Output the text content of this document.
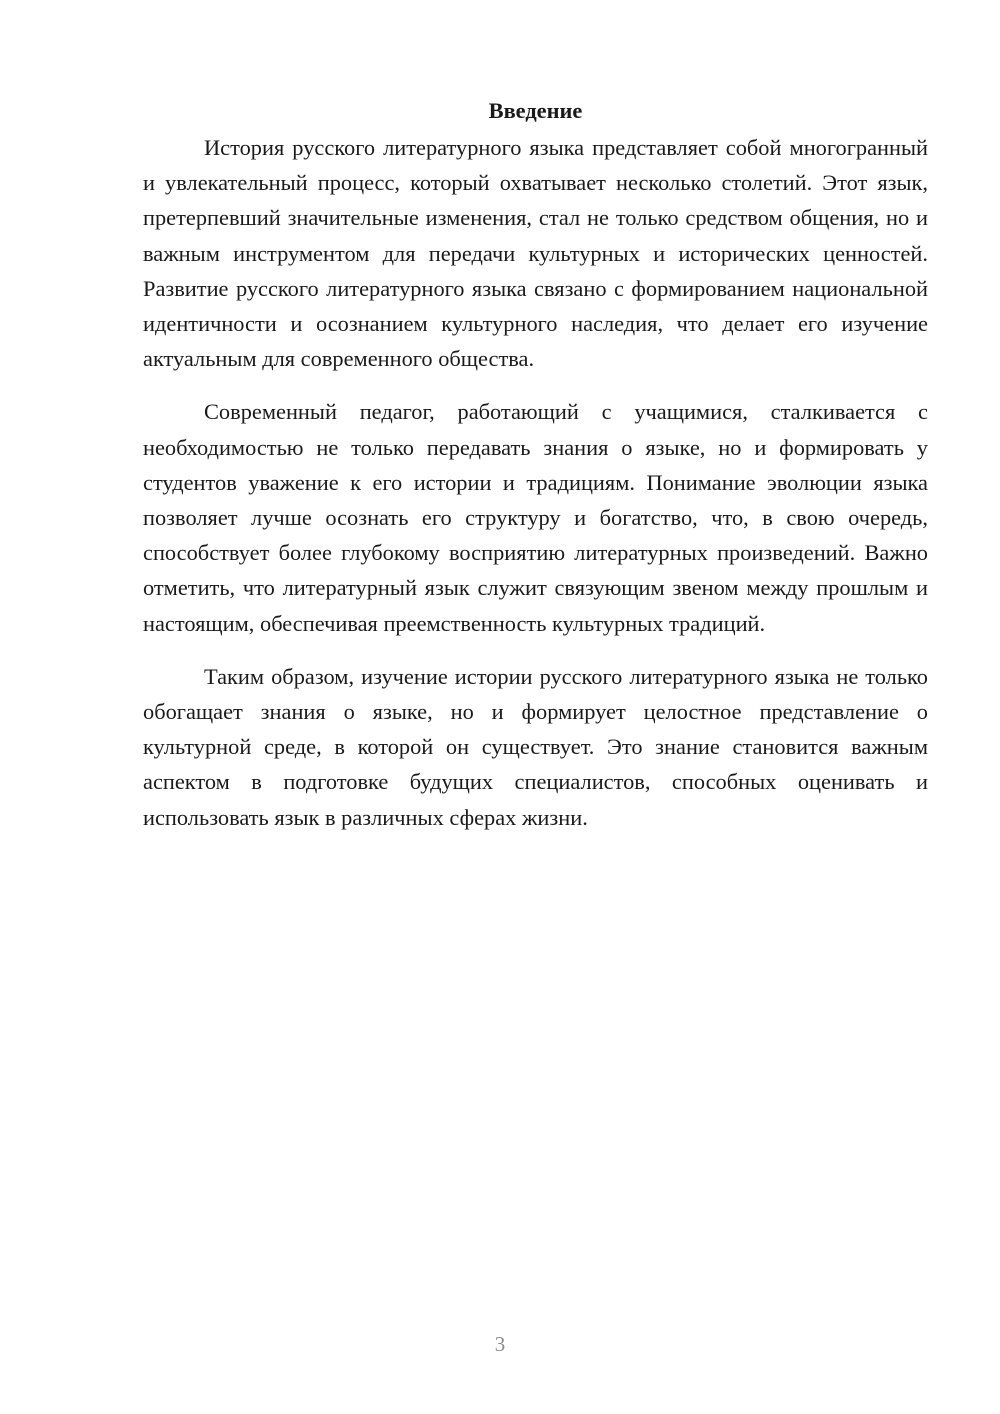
Введение

История русского литературного языка представляет собой многогранный и увлекательный процесс, который охватывает несколько столетий. Этот язык, претерпевший значительные изменения, стал не только средством общения, но и важным инструментом для передачи культурных и исторических ценностей. Развитие русского литературного языка связано с формированием национальной идентичности и осознанием культурного наследия, что делает его изучение актуальным для современного общества.

Современный педагог, работающий с учащимися, сталкивается с необходимостью не только передавать знания о языке, но и формировать у студентов уважение к его истории и традициям. Понимание эволюции языка позволяет лучше осознать его структуру и богатство, что, в свою очередь, способствует более глубокому восприятию литературных произведений. Важно отметить, что литературный язык служит связующим звеном между прошлым и настоящим, обеспечивая преемственность культурных традиций.

Таким образом, изучение истории русского литературного языка не только обогащает знания о языке, но и формирует целостное представление о культурной среде, в которой он существует. Это знание становится важным аспектом в подготовке будущих специалистов, способных оценивать и использовать язык в различных сферах жизни.

3
